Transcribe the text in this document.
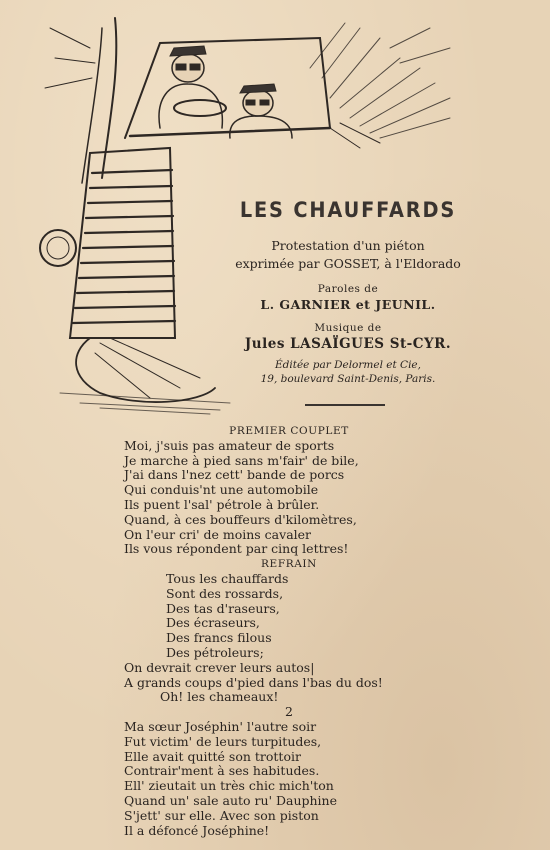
LES CHAUFFARDS
Protestation d'un piéton
exprimée par GOSSET, à l'Eldorado
Paroles de
L. GARNIER et JEUNIL.
Musique de
Jules LASAÏGUES St-CYR.
Éditée par Delormel et Cie,
19, boulevard Saint-Denis, Paris.

PREMIER COUPLET

Moi, j'suis pas amateur de sports

Je marche à pied sans m'fair' de bile,

J'ai dans l'nez cett' bande de porcs

Qui conduis'nt une automobile

Ils puent l'sal' pétrole à brûler.

Quand, à ces bouffeurs d'kilomètres,

On l'eur cri' de moins cavaler

Ils vous répondent par cinq lettres!

REFRAIN

Tous les chauffards

Sont des rossards,

Des tas d'raseurs,

Des écraseurs,

Des francs filous

Des pétroleurs;

On devrait crever leurs autos|

A grands coups d'pied dans l'bas du dos!

Oh! les chameaux!

2

Ma sœur Joséphin' l'autre soir

Fut victim' de leurs turpitudes,

Elle avait quitté son trottoir

Contrair'ment à ses habitudes.

Ell' zieutait un très chic mich'ton

Quand un' sale auto ru' Dauphine

S'jett' sur elle. Avec son piston

Il a défoncé Joséphine!
